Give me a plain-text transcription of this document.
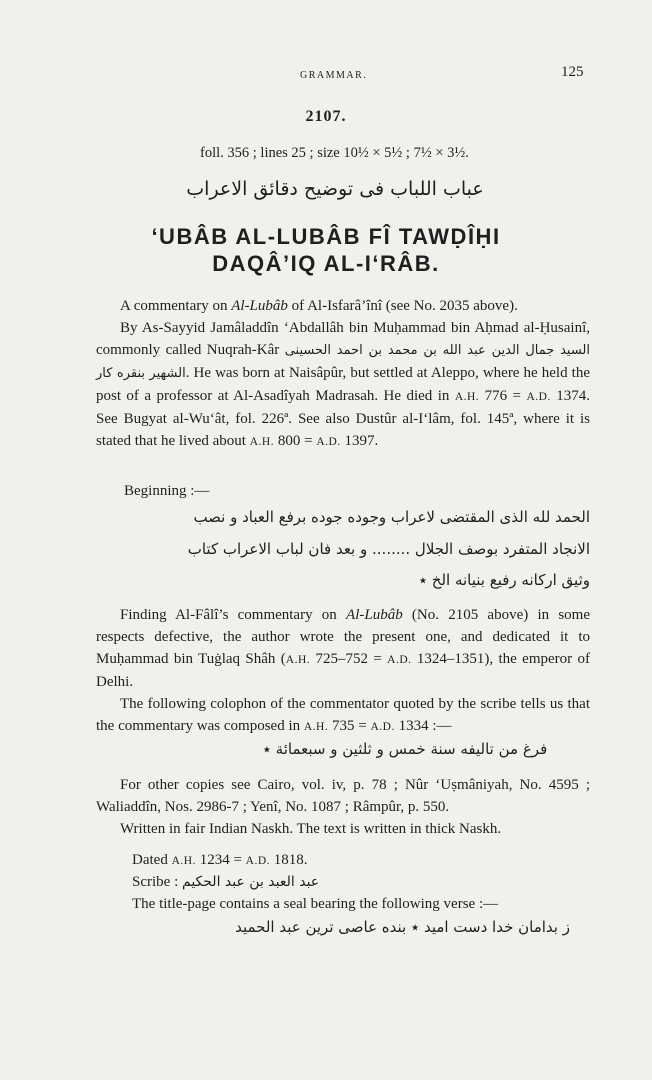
GRAMMAR.	125
2107.
foll. 356 ; lines 25 ; size 10½ × 5½ ; 7½ × 3½.
عباب اللباب فی توضیح دقائق الاعراب
‘UBÂB AL-LUBÂB FÎ TAWḌÎḤI
DAQÂ’IQ AL-I‘RÂB.

A commentary on Al-Lubâb of Al-Isfarâ’înî (see No. 2035 above).

By As-Sayyid Jamâladdîn ‘Abdallâh bin Muḥammad bin Aḥmad al-Ḥusainî, commonly called Nuqrah-Kâr السید جمال الدین عبد الله بن محمد بن احمد الحسینی الشهیر بنقره کار. He was born at Naisâpûr, but settled at Aleppo, where he held the post of a professor at Al-Asadîyah Madrasah. He died in A.H. 776 = A.D. 1374. See Bugyat al-Wu‘ât, fol. 226ª. See also Dustûr al-I‘lâm, fol. 145ª, where it is stated that he lived about A.H. 800 = A.D. 1397.

Beginning :—
الحمد لله الذی المقتضی لاعراب وجوده جوده برفع العباد و نصب
الانجاد المتفرد بوصف الجلال ........ و بعد فان لباب الاعراب کتاب
وثیق ارکانه رفیع بنیانه الخ ٭

Finding Al-Fâlî’s commentary on Al-Lubâb (No. 2105 above) in some respects defective, the author wrote the present one, and dedicated it to Muḥammad bin Tuġlaq Shâh (A.H. 725–752 = A.D. 1324–1351), the emperor of Delhi.

The following colophon of the commentator quoted by the scribe tells us that the commentary was composed in A.H. 735 = A.D. 1334 :—

فرغ من تالیفه سنة خمس و ثلثین و سبعمائة ٭

For other copies see Cairo, vol. iv, p. 78 ; Nûr ‘Uṣmâniyah, No. 4595 ; Waliaddîn, Nos. 2986-7 ; Yenî, No. 1087 ; Râmpûr, p. 550.

Written in fair Indian Naskh. The text is written in thick Naskh.

Dated A.H. 1234 = A.D. 1818.
Scribe : عبد العبد بن عبد الحکیم
The title-page contains a seal bearing the following verse :—
ز بدامان خدا دست امید ٭ بنده عاصی ترین عبد الحمید
